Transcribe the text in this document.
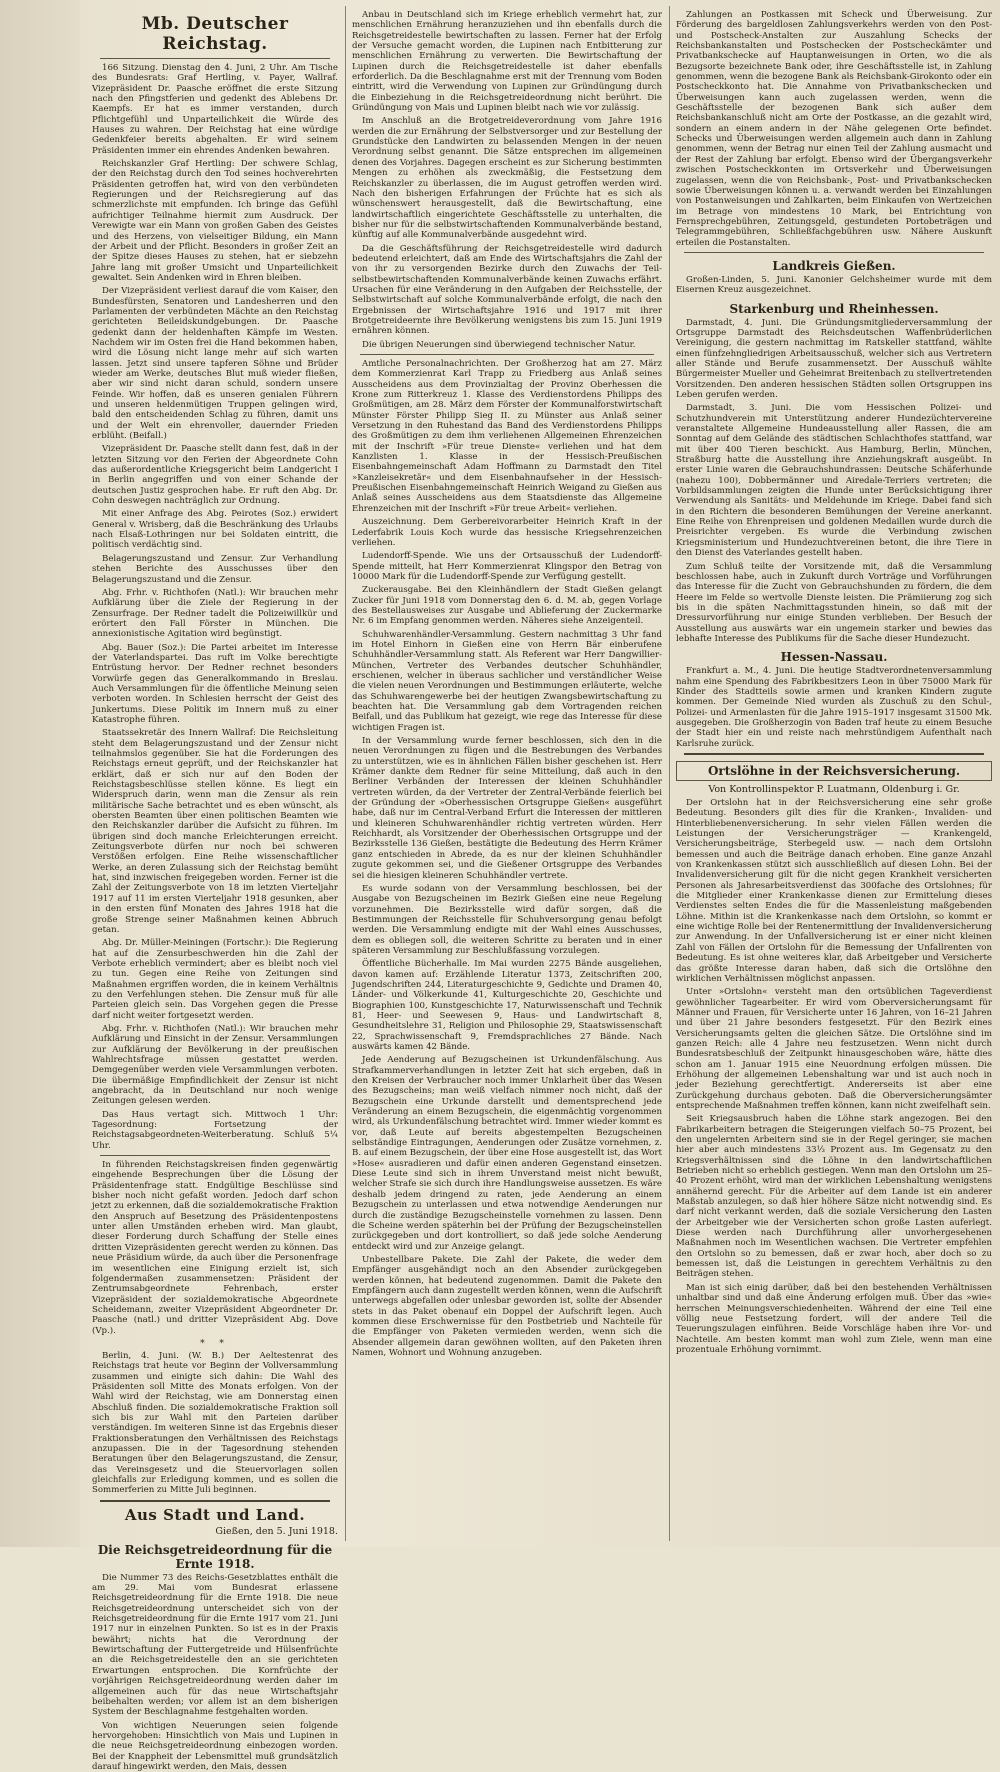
Mb. Deutscher Reichstag.

166 Sitzung. Dienstag den 4. Juni, 2 Uhr. Am Tische des Bundesrats: Graf Hertling, v. Payer, Wallraf. Vizepräsident Dr. Paasche eröffnet die erste Sitzung nach den Pfingstferien und gedenkt des Ablebens Dr. Kaempfs. Er hat es immer verstanden, durch Pflichtgefühl und Unparteilichkeit die Würde des Hauses zu wahren. Der Reichstag hat eine würdige Gedenkfeier bereits abgehalten. Er wird seinem Präsidenten immer ein ehrendes Andenken bewahren.

Reichskanzler Graf Hertling: Der schwere Schlag, der den Reichstag durch den Tod seines hochverehrten Präsidenten getroffen hat, wird von den verbündeten Regierungen und der Reichsregierung auf das schmerzlichste mit empfunden. Ich bringe das Gefühl aufrichtiger Teilnahme hiermit zum Ausdruck. Der Verewigte war ein Mann von großen Gaben des Geistes und des Herzens, von vielseitiger Bildung, ein Mann der Arbeit und der Pflicht. Besonders in großer Zeit an der Spitze dieses Hauses zu stehen, hat er siebzehn Jahre lang mit großer Umsicht und Unparteilichkeit gewaltet. Sein Andenken wird in Ehren bleiben.

Der Vizepräsident verliest darauf die vom Kaiser, den Bundesfürsten, Senatoren und Landesherren und den Parlamenten der verbündeten Mächte an den Reichstag gerichteten Beileidskundgebungen. Dr. Paasche gedenkt dann der heldenhaften Kämpfe im Westen. Nachdem wir im Osten frei die Hand bekommen haben, wird die Lösung nicht lange mehr auf sich warten lassen. Jetzt sind unsere tapferen Söhne und Brüder wieder am Werke, deutsches Blut muß wieder fließen, aber wir sind nicht daran schuld, sondern unsere Feinde. Wir hoffen, daß es unseren genialen Führern und unseren heldenmütigen Truppen gelingen wird, bald den entscheidenden Schlag zu führen, damit uns und der Welt ein ehrenvoller, dauernder Frieden erblüht. (Beifall.)

Vizepräsident Dr. Paasche stellt dann fest, daß in der letzten Sitzung vor den Ferien der Abgeordnete Cohn das außerordentliche Kriegsgericht beim Landgericht I in Berlin angegriffen und von einer Schande der deutschen Justiz gesprochen habe. Er ruft den Abg. Dr. Cohn deswegen nachträglich zur Ordnung.

Mit einer Anfrage des Abg. Peirotes (Soz.) erwidert General v. Wrisberg, daß die Beschränkung des Urlaubs nach Elsaß-Lothringen nur bei Soldaten eintritt, die politisch verdächtig sind.

Belagerungszustand und Zensur. Zur Verhandlung stehen Berichte des Ausschusses über den Belagerungszustand und die Zensur.

Abg. Frhr. v. Richthofen (Natl.): Wir brauchen mehr Aufklärung über die Ziele der Regierung in der Zensurfrage. Der Redner tadelt die Polizeiwillkür und erörtert den Fall Förster in München. Die annexionistische Agitation wird begünstigt.

Abg. Bauer (Soz.): Die Partei arbeitet im Interesse der Vaterlandspartei. Das ruft im Volke berechtigte Entrüstung hervor. Der Redner rechnet besonders Vorwürfe gegen das Generalkommando in Breslau. Auch Versammlungen für die öffentliche Meinung seien verboten worden. In Schlesien herrscht der Geist des Junkertums. Diese Politik im Innern muß zu einer Katastrophe führen.

Staatssekretär des Innern Wallraf: Die Reichsleitung steht dem Belagerungszustand und der Zensur nicht teilnahmslos gegenüber. Sie hat die Forderungen des Reichstags erneut geprüft, und der Reichskanzler hat erklärt, daß er sich nur auf den Boden der Reichstagsbeschlüsse stellen könne. Es liegt ein Widerspruch darin, wenn man die Zensur als rein militärische Sache betrachtet und es eben wünscht, als obersten Beamten über einen politischen Beamten wie den Reichskanzler darüber die Aufsicht zu führen. Im übrigen sind doch manche Erleichterungen erreicht. Zeitungsverbote dürfen nur noch bei schweren Verstößen erfolgen. Eine Reihe wissenschaftlicher Werke, an deren Zulassung sich der Reichstag bemüht hat, sind inzwischen freigegeben worden. Ferner ist die Zahl der Zeitungsverbote von 18 im letzten Vierteljahr 1917 auf 11 im ersten Vierteljahr 1918 gesunken, aber in den ersten fünf Monaten des Jahres 1918 hat die große Strenge seiner Maßnahmen keinen Abbruch getan.

Abg. Dr. Müller-Meiningen (Fortschr.): Die Regierung hat auf die Zensurbeschwerden hin die Zahl der Verbote erheblich vermindert; aber es bleibt noch viel zu tun. Gegen eine Reihe von Zeitungen sind Maßnahmen ergriffen worden, die in keinem Verhältnis zu den Verfehlungen stehen. Die Zensur muß für alle Parteien gleich sein. Das Vorgehen gegen die Presse darf nicht weiter fortgesetzt werden.

Abg. Frhr. v. Richthofen (Natl.): Wir brauchen mehr Aufklärung und Einsicht in der Zensur. Versammlungen zur Aufklärung der Bevölkerung in der preußischen Wahlrechtsfrage müssen gestattet werden. Demgegenüber werden viele Versammlungen verboten. Die übermäßige Empfindlichkeit der Zensur ist nicht angebracht, da in Deutschland nur noch wenige Zeitungen gelesen werden.

Das Haus vertagt sich. Mittwoch 1 Uhr: Tagesordnung: Fortsetzung der Reichstagsabgeordneten-Weiterberatung. Schluß 5¼ Uhr.

In führenden Reichstagskreisen finden gegenwärtig eingehende Besprechungen über die Lösung der Präsidentenfrage statt. Endgültige Beschlüsse sind bisher noch nicht gefaßt worden. Jedoch darf schon jetzt zu erkennen, daß die sozialdemokratische Fraktion den Anspruch auf Besetzung des Präsidentenpostens unter allen Umständen erheben wird. Man glaubt, dieser Forderung durch Schaffung der Stelle eines dritten Vizepräsidenten gerecht werden zu können. Das neue Präsidium würde, da auch über die Personenfrage im wesentlichen eine Einigung erzielt ist, sich folgendermaßen zusammensetzen: Präsident der Zentrumsabgeordnete Fehrenbach, erster Vizepräsident der sozialdemokratische Abgeordnete Scheidemann, zweiter Vizepräsident Abgeordneter Dr. Paasche (natl.) und dritter Vizepräsident Abg. Dove (Vp.).

* *

Berlin, 4. Juni. (W. B.) Der Aeltestenrat des Reichstags trat heute vor Beginn der Vollversammlung zusammen und einigte sich dahin: Die Wahl des Präsidenten soll Mitte des Monats erfolgen. Von der Wahl wird der Reichstag, wie am Donnerstag einen Abschluß finden. Die sozialdemokratische Fraktion soll sich bis zur Wahl mit den Parteien darüber verständigen. Im weiteren Sinne ist das Ergebnis dieser Fraktionsberatungen den Verhältnissen des Reichstags anzupassen. Die in der Tagesordnung stehenden Beratungen über den Belagerungszustand, die Zensur, das Vereinsgesetz und die Steuervorlagen sollen gleichfalls zur Erledigung kommen, und es sollen die Sommerferien zu Mitte Juli beginnen.

Aus Stadt und Land.
Gießen, den 5. Juni 1918.
Die Reichsgetreideordnung für die Ernte 1918.

Die Nummer 73 des Reichs-Gesetzblattes enthält die am 29. Mai vom Bundesrat erlassene Reichsgetreideordnung für die Ernte 1918. Die neue Reichsgetreideordnung unterscheidet sich von der Reichsgetreideordnung für die Ernte 1917 vom 21. Juni 1917 nur in einzelnen Punkten. So ist es in der Praxis bewährt; nichts hat die Verordnung der Bewirtschaftung der Futtergetreide und Hülsenfrüchte an die Reichsgetreidestelle den an sie gerichteten Erwartungen entsprochen. Die Kornfrüchte der vorjährigen Reichsgetreideordnung werden daher im allgemeinen auch für das neue Wirtschaftsjahr beibehalten werden; vor allem ist an dem bisherigen System der Beschlagnahme festgehalten worden.

Von wichtigen Neuerungen seien folgende hervorgehoben: Hinsichtlich von Mais und Lupinen in die neue Reichsgetreideordnung einbezogen worden. Bei der Knappheit der Lebensmittel muß grundsätzlich darauf hingewirkt werden, den Mais, dessen

Anbau in Deutschland sich im Kriege erheblich vermehrt hat, zur menschlichen Ernährung heranzuziehen und ihn ebenfalls durch die Reichsgetreidestelle bewirtschaften zu lassen. Ferner hat der Erfolg der Versuche gemacht worden, die Lupinen nach Entbitterung zur menschlichen Ernährung zu verwerten. Die Bewirtschaftung der Lupinen durch die Reichsgetreidestelle ist daher ebenfalls erforderlich. Da die Beschlagnahme erst mit der Trennung vom Boden eintritt, wird die Verwendung von Lupinen zur Gründüngung durch die Einbeziehung in die Reichsgetreideordnung nicht berührt. Die Gründüngung von Mais und Lupinen bleibt nach wie vor zulässig.

Im Anschluß an die Brotgetreideverordnung vom Jahre 1916 werden die zur Ernährung der Selbstversorger und zur Bestellung der Grundstücke den Landwirten zu belassenden Mengen in der neuen Verordnung selbst genannt. Die Sätze entsprechen im allgemeinen denen des Vorjahres. Dagegen erscheint es zur Sicherung bestimmten Mengen zu erhöhen als zweckmäßig, die Festsetzung dem Reichskanzler zu überlassen, die im August getroffen werden wird. Nach den bisherigen Erfahrungen der Früchte hat es sich als wünschenswert herausgestellt, daß die Bewirtschaftung, eine landwirtschaftlich eingerichtete Geschäftsstelle zu unterhalten, die bisher nur für die selbstwirtschaftenden Kommunalverbände bestand, künftig auf alle Kommunalverbände ausgedehnt wird.

Da die Geschäftsführung der Reichsgetreidestelle wird dadurch bedeutend erleichtert, daß am Ende des Wirtschaftsjahrs die Zahl der von ihr zu versorgenden Bezirke durch den Zuwachs der Teil-selbstbewirtschaftenden Kommunalverbände keinen Zuwachs erfährt. Ursachen für eine Veränderung in den Aufgaben der Reichsstelle, der Selbstwirtschaft auf solche Kommunalverbände erfolgt, die nach den Ergebnissen der Wirtschaftsjahre 1916 und 1917 mit ihrer Brotgetreideernte ihre Bevölkerung wenigstens bis zum 15. Juni 1919 ernähren können.

Die übrigen Neuerungen sind überwiegend technischer Natur.

Amtliche Personalnachrichten. Der Großherzog hat am 27. März dem Kommerzienrat Karl Trapp zu Friedberg aus Anlaß seines Ausscheidens aus dem Provinzialtag der Provinz Oberhessen die Krone zum Ritterkreuz 1. Klasse des Verdienstordens Philipps des Großmütigen, am 28. März dem Förster der Kommunalforstwirtschaft Münster Förster Philipp Sieg II. zu Münster aus Anlaß seiner Versetzung in den Ruhestand das Band des Verdienstordens Philipps des Großmütigen zu dem ihm verliehenen Allgemeinen Ehrenzeichen mit der Inschrift »Für treue Dienste« verliehen und hat dem Kanzlisten 1. Klasse in der Hessisch-Preußischen Eisenbahngemeinschaft Adam Hoffmann zu Darmstadt den Titel »Kanzleisekretär« und dem Eisenbahnaufseher in der Hessisch-Preußischen Eisenbahngemeinschaft Heinrich Weigand zu Gießen aus Anlaß seines Ausscheidens aus dem Staatsdienste das Allgemeine Ehrenzeichen mit der Inschrift »Für treue Arbeit« verliehen.

Auszeichnung. Dem Gerbereivorarbeiter Heinrich Kraft in der Lederfabrik Louis Koch wurde das hessische Kriegsehrenzeichen verliehen.

Ludendorff-Spende. Wie uns der Ortsausschuß der Ludendorff-Spende mitteilt, hat Herr Kommerzienrat Klingspor den Betrag von 10000 Mark für die Ludendorff-Spende zur Verfügung gestellt.

Zuckerausgabe. Bei den Kleinhändlern der Stadt Gießen gelangt Zucker für Juni 1918 vom Donnerstag den 6. d. M. ab, gegen Vorlage des Bestellausweises zur Ausgabe und Ablieferung der Zuckermarke Nr. 6 im Empfang genommen werden. Näheres siehe Anzeigenteil.

Schuhwarenhändler-Versammlung. Gestern nachmittag 3 Uhr fand im Hotel Einhorn in Gießen eine von Herrn Bär einberufene Schuhhändler-Versammlung statt. Als Referent war Herr Dangwillier-München, Vertreter des Verbandes deutscher Schuhhändler, erschienen, welcher in überaus sachlicher und verständlicher Weise die vielen neuen Verordnungen und Bestimmungen erläuterte, welche das Schuhwarengewerbe bei der heutigen Zwangsbewirtschaftung zu beachten hat. Die Versammlung gab dem Vortragenden reichen Beifall, und das Publikum hat gezeigt, wie rege das Interesse für diese wichtigen Fragen ist.

In der Versammlung wurde ferner beschlossen, sich den in die neuen Verordnungen zu fügen und die Bestrebungen des Verbandes zu unterstützen, wie es in ähnlichen Fällen bisher geschehen ist. Herr Krämer dankte dem Redner für seine Mitteilung, daß auch in den Berliner Verbänden der Interessen der kleinen Schuhhändler vertreten würden, da der Vertreter der Zentral-Verbände feierlich bei der Gründung der »Oberhessischen Ortsgruppe Gießen« ausgeführt habe, daß nur im Central-Verband Erfurt die Interessen der mittleren und kleineren Schuhwarenhändler richtig vertreten würden. Herr Reichhardt, als Vorsitzender der Oberhessischen Ortsgruppe und der Bezirksstelle 136 Gießen, bestätigte die Bedeutung des Herrn Krämer ganz entschieden in Abrede, da es nur der kleinen Schuhhändler zugute gekommen sei, und die Gießener Ortsgruppe des Verbandes sei die hiesigen kleineren Schuhhändler vertrete.

Es wurde sodann von der Versammlung beschlossen, bei der Ausgabe von Bezugscheinen im Bezirk Gießen eine neue Regelung vorzunehmen. Die Bezirksstelle wird dafür sorgen, daß die Bestimmungen der Reichsstelle für Schuhversorgung genau befolgt werden. Die Versammlung endigte mit der Wahl eines Ausschusses, dem es obliegen soll, die weiteren Schritte zu beraten und in einer späteren Versammlung zur Beschlußfassung vorzulegen.

Öffentliche Bücherhalle. Im Mai wurden 2275 Bände ausgeliehen, davon kamen auf: Erzählende Literatur 1373, Zeitschriften 200, Jugendschriften 244, Literaturgeschichte 9, Gedichte und Dramen 40, Länder- und Völkerkunde 41, Kulturgeschichte 20, Geschichte und Biographien 100, Kunstgeschichte 17, Naturwissenschaft und Technik 81, Heer- und Seewesen 9, Haus- und Landwirtschaft 8, Gesundheitslehre 31, Religion und Philosophie 29, Staatswissenschaft 22, Sprachwissenschaft 9, Fremdsprachliches 27 Bände. Nach auswärts kamen 42 Bände.

Jede Aenderung auf Bezugscheinen ist Urkundenfälschung. Aus Strafkammerverhandlungen in letzter Zeit hat sich ergeben, daß in den Kreisen der Verbraucher noch immer Unklarheit über das Wesen des Bezugscheins; man weiß vielfach nimmer noch nicht, daß der Bezugschein eine Urkunde darstellt und dementsprechend jede Veränderung an einem Bezugschein, die eigenmächtig vorgenommen wird, als Urkundenfälschung betrachtet wird. Immer wieder kommt es vor, daß Leute auf bereits abgestempelten Bezugscheinen selbständige Eintragungen, Aenderungen oder Zusätze vornehmen, z. B. auf einem Bezugschein, der über eine Hose ausgestellt ist, das Wort »Hose« ausradieren und dafür einen anderen Gegenstand einsetzen. Diese Leute sind sich in ihrem Unverstand meist nicht bewußt, welcher Strafe sie sich durch ihre Handlungsweise aussetzen. Es wäre deshalb jedem dringend zu raten, jede Aenderung an einem Bezugschein zu unterlassen und etwa notwendige Aenderungen nur durch die zuständige Bezugscheinstelle vornehmen zu lassen. Denn die Scheine werden späterhin bei der Prüfung der Bezugscheinstellen zurückgegeben und dort kontrolliert, so daß jede solche Aenderung entdeckt wird und zur Anzeige gelangt.

Unbestellbare Pakete. Die Zahl der Pakete, die weder dem Empfänger ausgehändigt noch an den Absender zurückgegeben werden können, hat bedeutend zugenommen. Damit die Pakete den Empfängern auch dann zugestellt werden können, wenn die Aufschrift unterwegs abgefallen oder unlesbar geworden ist, sollte der Absender stets in das Paket obenauf ein Doppel der Aufschrift legen. Auch kommen diese Erschwernisse für den Postbetrieb und Nachteile für die Empfänger von Paketen vermieden werden, wenn sich die Absender allgemein daran gewöhnen wollten, auf den Paketen ihren Namen, Wohnort und Wohnung anzugeben.

Zahlungen an Postkassen mit Scheck und Überweisung. Zur Förderung des bargeldlosen Zahlungsverkehrs werden von den Post- und Postscheck-Anstalten zur Auszahlung Schecks der Reichsbankanstalten und Postschecken der Postscheckämter und Privatbankschecke auf Hauptanweisungen in Orten, wo die als Bezugsorte bezeichnete Bank oder, ihre Geschäftsstelle ist, in Zahlung genommen, wenn die bezogene Bank als Reichsbank-Girokonto oder ein Postscheckkonto hat. Die Annahme von Privatbankschecken und Überweisungen kann auch zugelassen werden, wenn die Geschäftsstelle der bezogenen Bank sich außer dem Reichsbankanschluß nicht am Orte der Postkasse, an die gezahlt wird, sondern an einem andern in der Nähe gelegenen Orte befindet. Schecks und Überweisungen werden allgemein auch dann in Zahlung genommen, wenn der Betrag nur einen Teil der Zahlung ausmacht und der Rest der Zahlung bar erfolgt. Ebenso wird der Übergangsverkehr zwischen Postscheckkonten im Ortsverkehr und Überweisungen zugelassen, wenn die von Reichsbank-, Post- und Privatbankschecken sowie Überweisungen können u. a. verwandt werden bei Einzahlungen von Postanweisungen und Zahlkarten, beim Einkaufen von Wertzeichen im Betrage von mindestens 10 Mark, bei Entrichtung von Fernsprechgebühren, Zeitungsgeld, gestundeten Portobeträgen und Telegrammgebühren, Schließfachgebühren usw. Nähere Auskunft erteilen die Postanstalten.

Landkreis Gießen.

Großen-Linden, 5. Juni. Kanonier Gelchsheimer wurde mit dem Eisernen Kreuz ausgezeichnet.

Starkenburg und Rheinhessen.

Darmstadt, 4. Juni. Die Gründungsmitgliederversammlung der Ortsgruppe Darmstadt des Reichsdeutschen Waffenbrüderlichen Vereinigung, die gestern nachmittag im Ratskeller stattfand, wählte einen fünfzehngliedrigen Arbeitsausschuß, welcher sich aus Vertretern aller Stände und Berufe zusammensetzt. Der Ausschuß wählte Bürgermeister Mueller und Geheimrat Breitenbach zu stellvertretenden Vorsitzenden. Den anderen hessischen Städten sollen Ortsgruppen ins Leben gerufen werden.

Darmstadt, 3. Juni. Die vom Hessischen Polizei- und Schutzhundverein mit Unterstützung anderer Hundezüchtervereine veranstaltete Allgemeine Hundeausstellung aller Rassen, die am Sonntag auf dem Gelände des städtischen Schlachthofes stattfand, war mit über 400 Tieren beschickt. Aus Hamburg, Berlin, München, Straßburg hatte die Ausstellung ihre Anziehungskraft ausgeübt. In erster Linie waren die Gebrauchshundrassen: Deutsche Schäferhunde (nahezu 100), Dobbermänner und Airedale-Terriers vertreten; die Vorbildsammlungen zeigten die Hunde unter Berücksichtigung ihrer Verwendung als Sanitäts- und Meldehunde im Kriege. Dabei fand sich in den Richtern die besonderen Bemühungen der Vereine anerkannt. Eine Reihe von Ehrenpreisen und goldenen Medaillen wurde durch die Preisrichter vergeben. Es wurde die Verbindung zwischen Kriegsministerium und Hundezuchtvereinen betont, die ihre Tiere in den Dienst des Vaterlandes gestellt haben.

Zum Schluß teilte der Vorsitzende mit, daß die Versammlung beschlossen habe, auch in Zukunft durch Vorträge und Vorführungen das Interesse für die Zucht von Gebrauchshunden zu fördern, die dem Heere im Felde so wertvolle Dienste leisten. Die Prämiierung zog sich bis in die späten Nachmittagsstunden hinein, so daß mit der Dressurvorführung nur einige Stunden verblieben. Der Besuch der Ausstellung aus auswärts war ein ungemein starker und bewies das lebhafte Interesse des Publikums für die Sache dieser Hundezucht.

Hessen-Nassau.

Frankfurt a. M., 4. Juni. Die heutige Stadtverordnetenversammlung nahm eine Spendung des Fabrikbesitzers Leon in über 75000 Mark für Kinder des Stadtteils sowie armen und kranken Kindern zugute kommen. Der Gemeinde Nied wurden als Zuschuß zu den Schul-, Polizei- und Armenlasten für die Jahre 1915–1917 insgesamt 31500 Mk. ausgegeben. Die Großherzogin von Baden traf heute zu einem Besuche der Stadt hier ein und reiste nach mehrstündigem Aufenthalt nach Karlsruhe zurück.

Ortslöhne in der Reichsversicherung.
Von Kontrollinspektor P. Luatmann, Oldenburg i. Gr.

Der Ortslohn hat in der Reichsversicherung eine sehr große Bedeutung. Besonders gilt dies für die Kranken-, Invaliden- und Hinterbliebenenversicherung. In sehr vielen Fällen werden die Leistungen der Versicherungsträger — Krankengeld, Versicherungsbeiträge, Sterbegeld usw. — nach dem Ortslohn bemessen und auch die Beiträge danach erhoben. Eine ganze Anzahl von Krankenkassen stützt sich ausschließlich auf diesen Lohn. Bei der Invalidenversicherung gilt für die nicht gegen Krankheit versicherten Personen als Jahresarbeitsverdienst das 300fache des Ortslohnes; für die Mitglieder einer Krankenkasse dienen zur Ermittelung dieses Verdienstes selten Endes die für die Massenleistung maßgebenden Löhne. Mithin ist die Krankenkasse nach dem Ortslohn, so kommt er eine wichtige Rolle bei der Rentenermittlung der Invalidenversicherung zur Anwendung. In der Unfallversicherung ist er einer nicht kleinen Zahl von Fällen der Ortslohn für die Bemessung der Unfallrenten von Bedeutung. Es ist ohne weiteres klar, daß Arbeitgeber und Versicherte das größte Interesse daran haben, daß sich die Ortslöhne den wirklichen Verhältnissen möglichst anpassen.

Unter »Ortslohn« versteht man den ortsüblichen Tageverdienst gewöhnlicher Tagearbeiter. Er wird vom Oberversicherungsamt für Männer und Frauen, für Versicherte unter 16 Jahren, von 16–21 Jahren und über 21 Jahre besonders festgesetzt. Für den Bezirk eines Versicherungsamts gelten die gleichen Sätze. Die Ortslöhne sind im ganzen Reich: alle 4 Jahre neu festzusetzen. Wenn nicht durch Bundesratsbeschluß der Zeitpunkt hinausgeschoben wäre, hätte dies schon am 1. Januar 1915 eine Neuordnung erfolgen müssen. Die Erhöhung der allgemeinen Lebenshaltung war und ist auch noch in jeder Beziehung gerechtfertigt. Andererseits ist aber eine Zurückgehung durchaus geboten. Daß die Oberversicherungsämter entsprechende Maßnahmen treffen können, kann nicht zweifelhaft sein.

Seit Kriegsausbruch haben die Löhne stark angezogen. Bei den Fabrikarbeitern betragen die Steigerungen vielfach 50–75 Prozent, bei den ungelernten Arbeitern sind sie in der Regel geringer, sie machen hier aber auch mindestens 33⅓ Prozent aus. Im Gegensatz zu den Kriegsverhältnissen sind die Löhne in den landwirtschaftlichen Betrieben nicht so erheblich gestiegen. Wenn man den Ortslohn um 25–40 Prozent erhöht, wird man der wirklichen Lebenshaltung wenigstens annähernd gerecht. Für die Arbeiter auf dem Lande ist ein anderer Maßstab anzulegen, so daß hier höhere Sätze nicht notwendig sind. Es darf nicht verkannt werden, daß die soziale Versicherung den Lasten der Arbeitgeber wie der Versicherten schon große Lasten auferlegt. Diese werden nach Durchführung aller unvorhergesehenen Maßnahmen noch im Wesentlichen wachsen. Die Vertreter empfehlen den Ortslohn so zu bemessen, daß er zwar hoch, aber doch so zu bemessen ist, daß die Leistungen in gerechtem Verhältnis zu den Beiträgen stehen.

Man ist sich einig darüber, daß bei den bestehenden Verhältnissen unhaltbar sind und daß eine Änderung erfolgen muß. Über das »wie« herrschen Meinungsverschiedenheiten. Während der eine Teil eine völlig neue Festsetzung fordert, will der andere Teil die Teuerungszulagen einführen. Beide Vorschläge haben ihre Vor- und Nachteile. Am besten kommt man wohl zum Ziele, wenn man eine prozentuale Erhöhung vornimmt.
